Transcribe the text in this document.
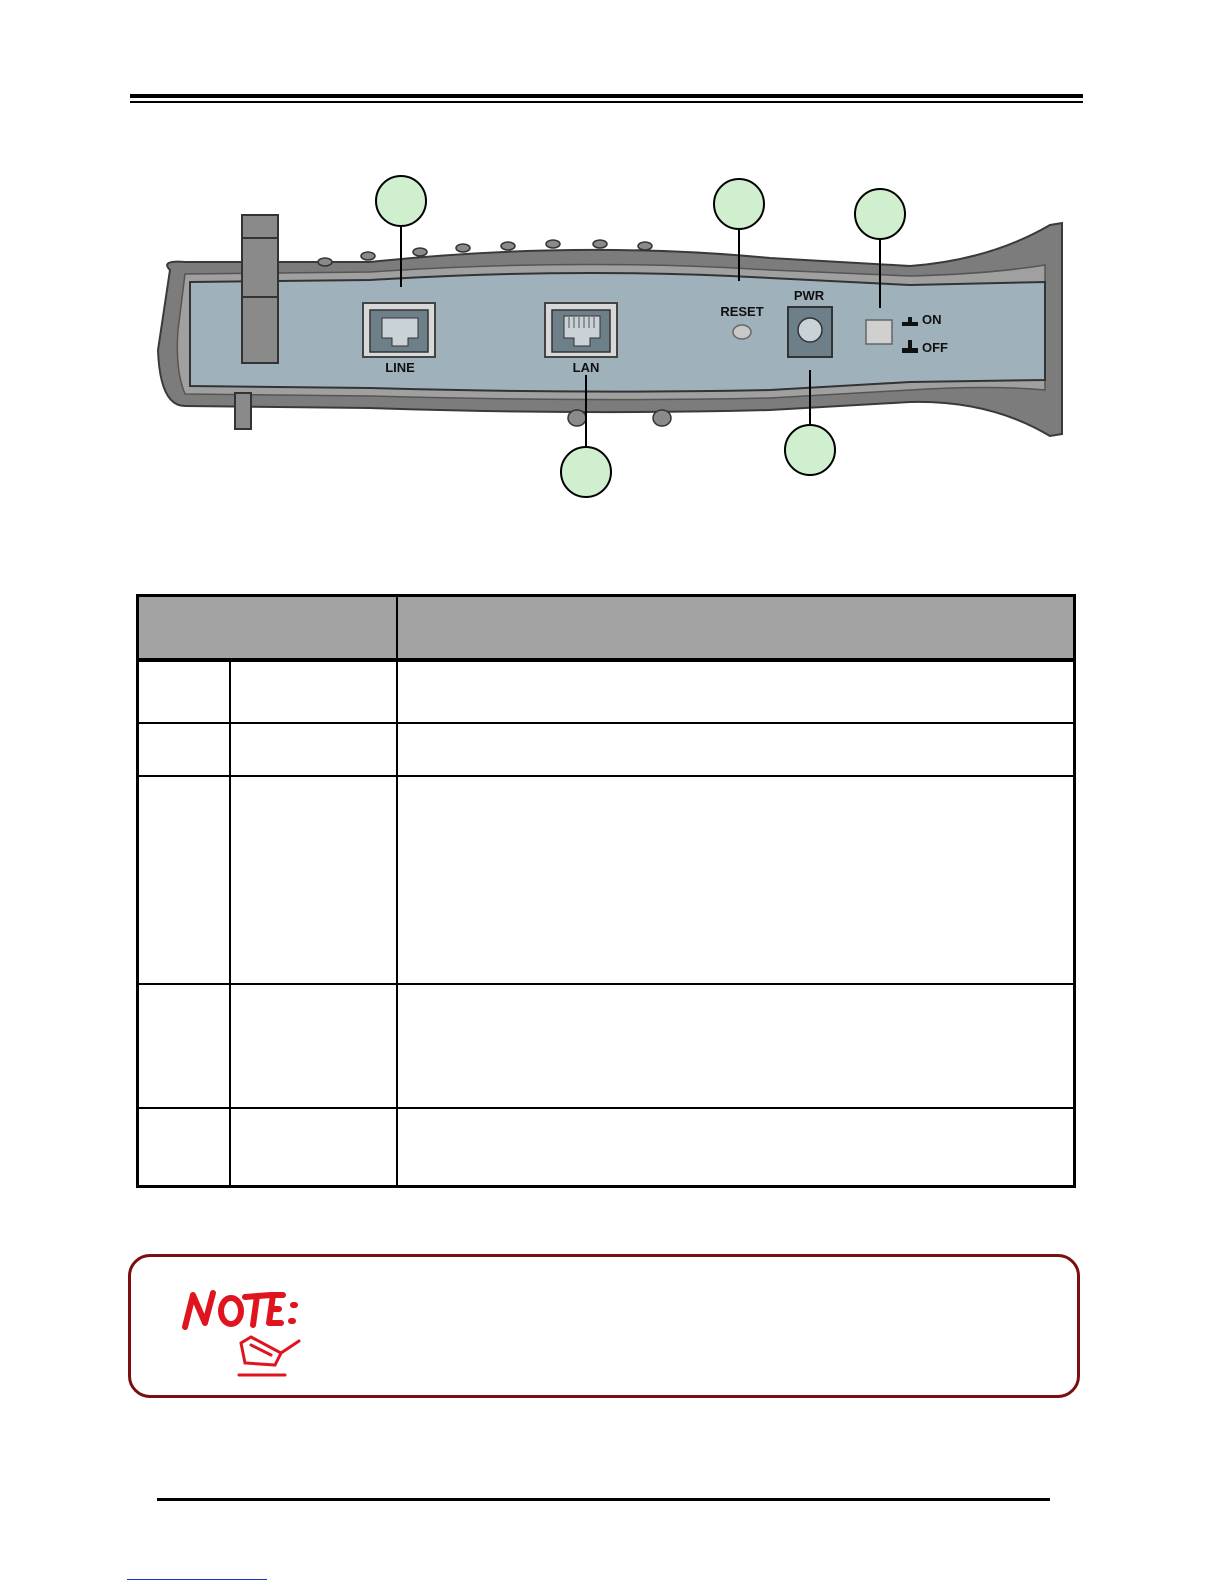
LINE	LAN
RESET
PWR
ON
OFF
